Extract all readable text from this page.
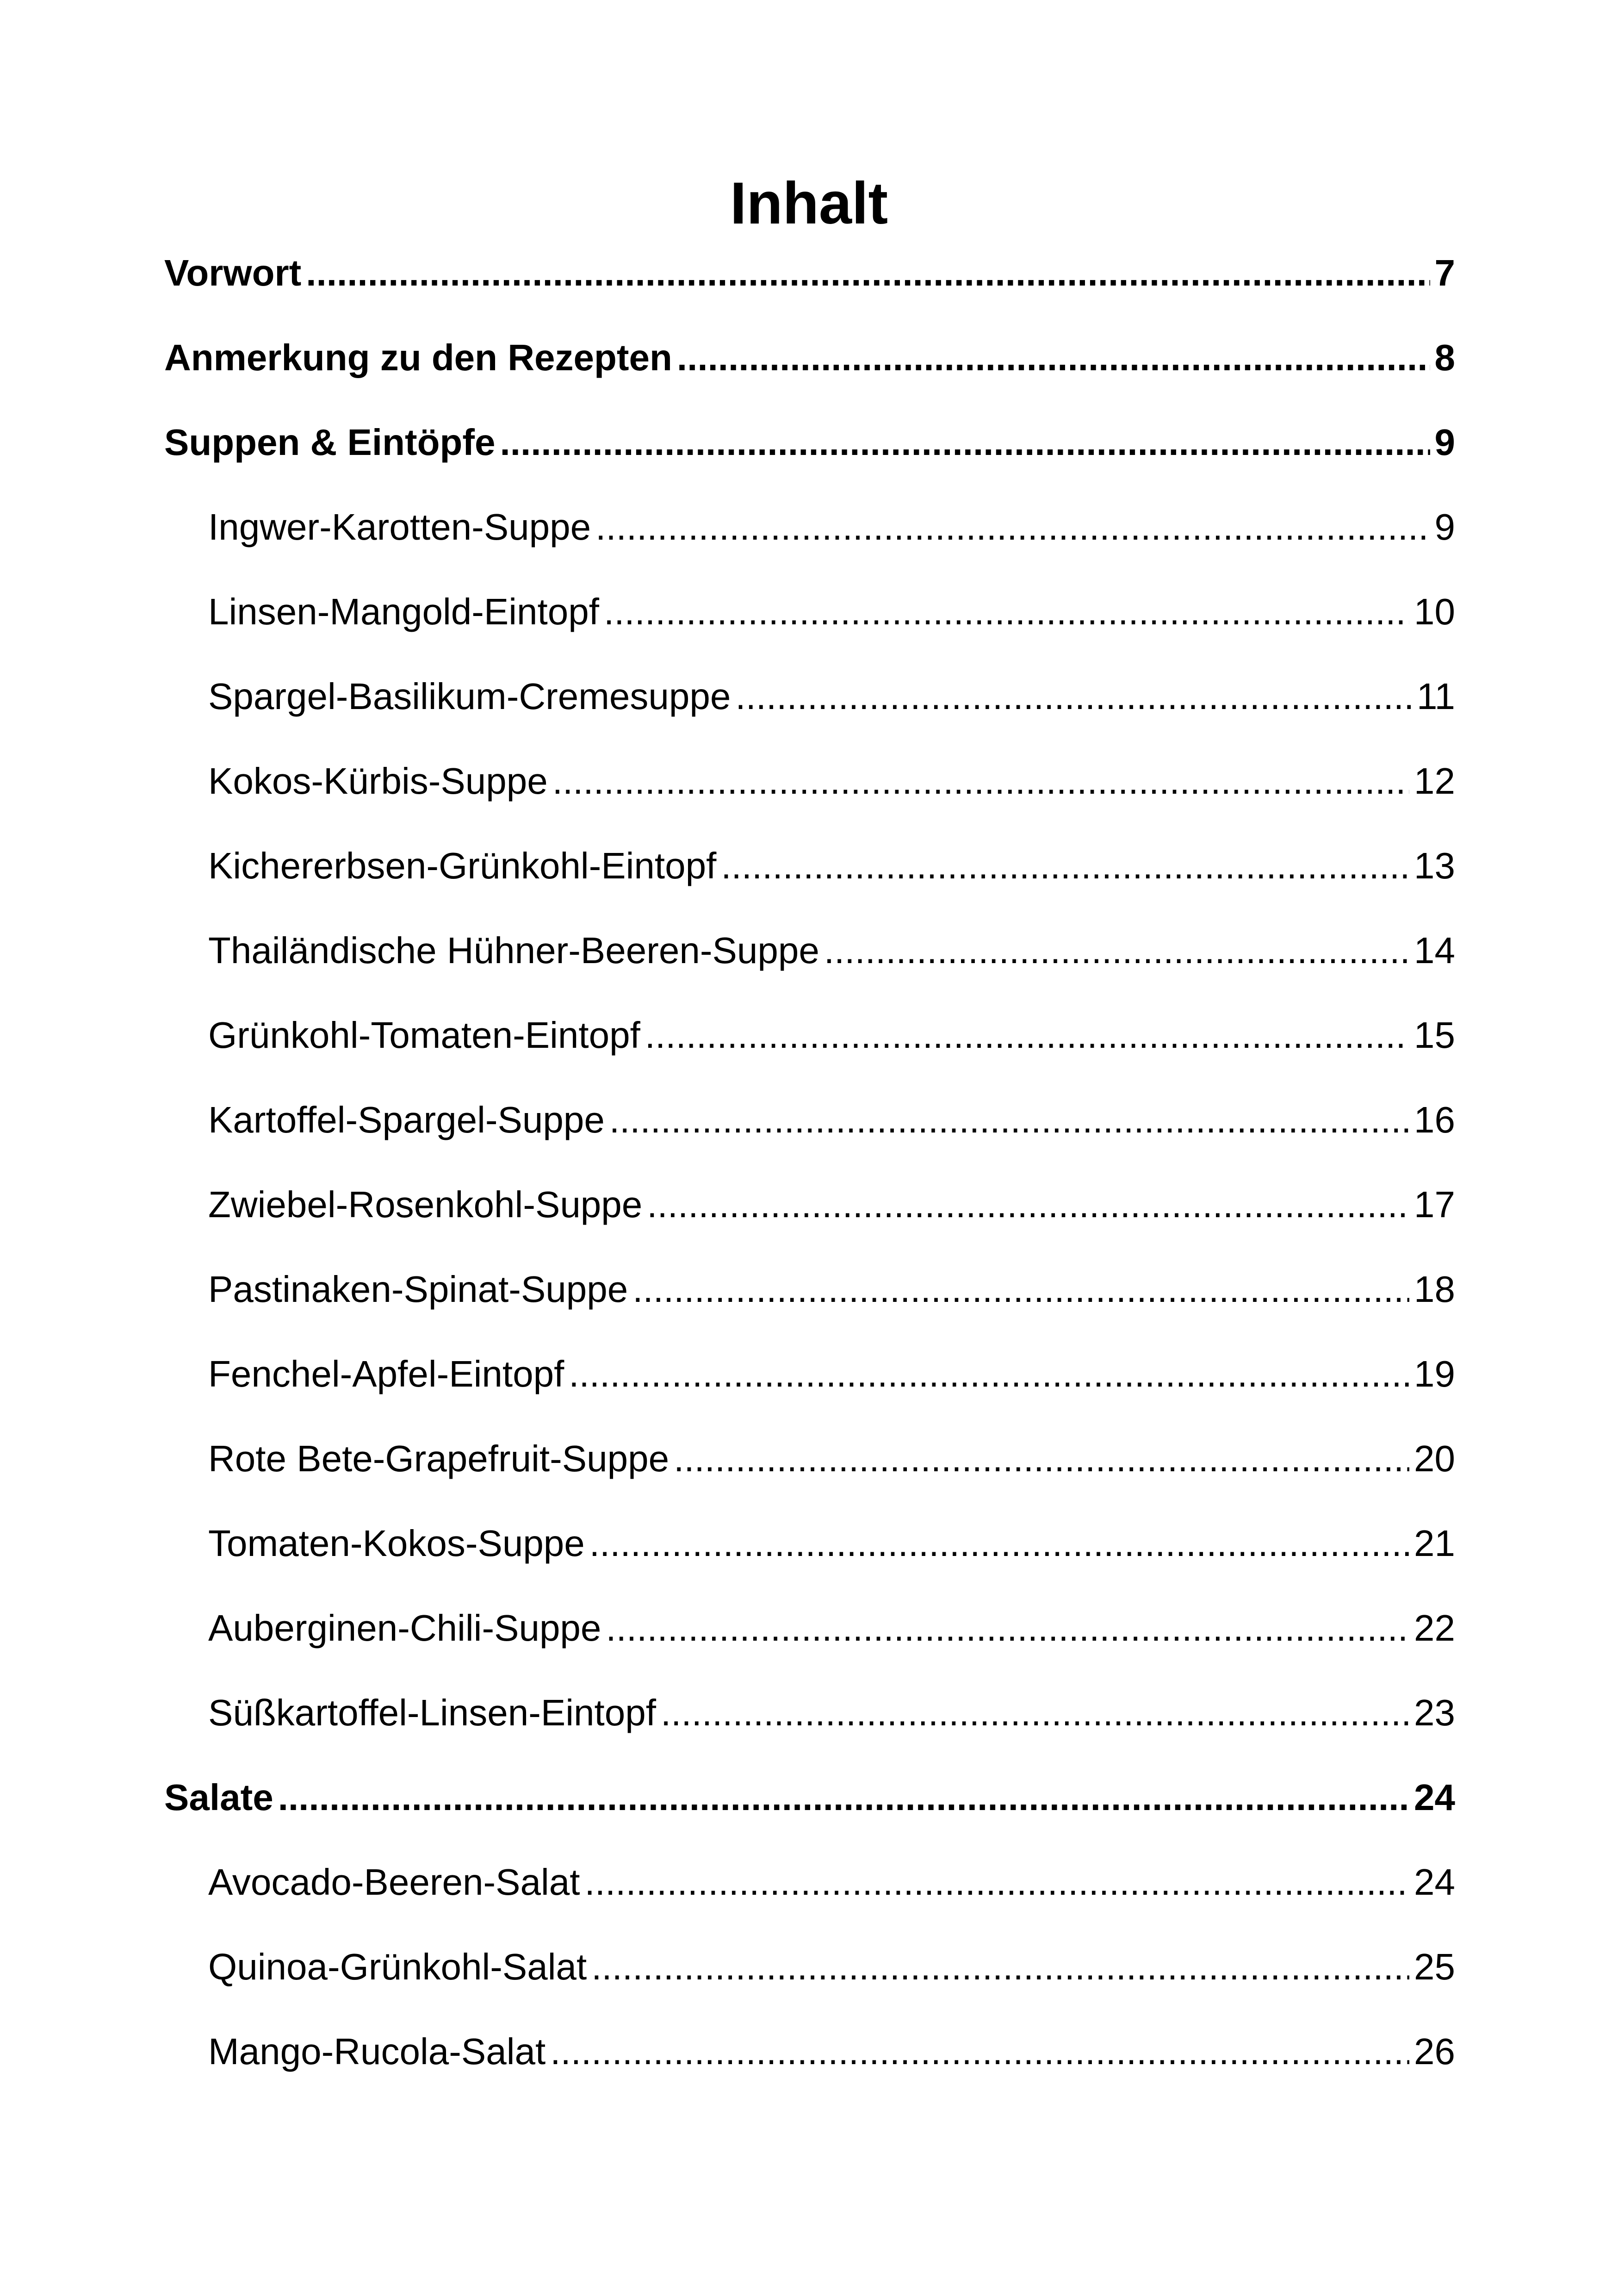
Inhalt
Vorwort .....	7
Anmerkung zu den Rezepten .....	8
Suppen & Eintöpfe .....	9
Ingwer-Karotten-Suppe .....	9
Linsen-Mangold-Eintopf .....	10
Spargel-Basilikum-Cremesuppe .....	11
Kokos-Kürbis-Suppe .....	12
Kichererbsen-Grünkohl-Eintopf .....	13
Thailändische Hühner-Beeren-Suppe .....	14
Grünkohl-Tomaten-Eintopf .....	15
Kartoffel-Spargel-Suppe .....	16
Zwiebel-Rosenkohl-Suppe .....	17
Pastinaken-Spinat-Suppe .....	18
Fenchel-Apfel-Eintopf .....	19
Rote Bete-Grapefruit-Suppe .....	20
Tomaten-Kokos-Suppe .....	21
Auberginen-Chili-Suppe .....	22
Süßkartoffel-Linsen-Eintopf .....	23
Salate .....	24
Avocado-Beeren-Salat .....	24
Quinoa-Grünkohl-Salat .....	25
Mango-Rucola-Salat .....	26
